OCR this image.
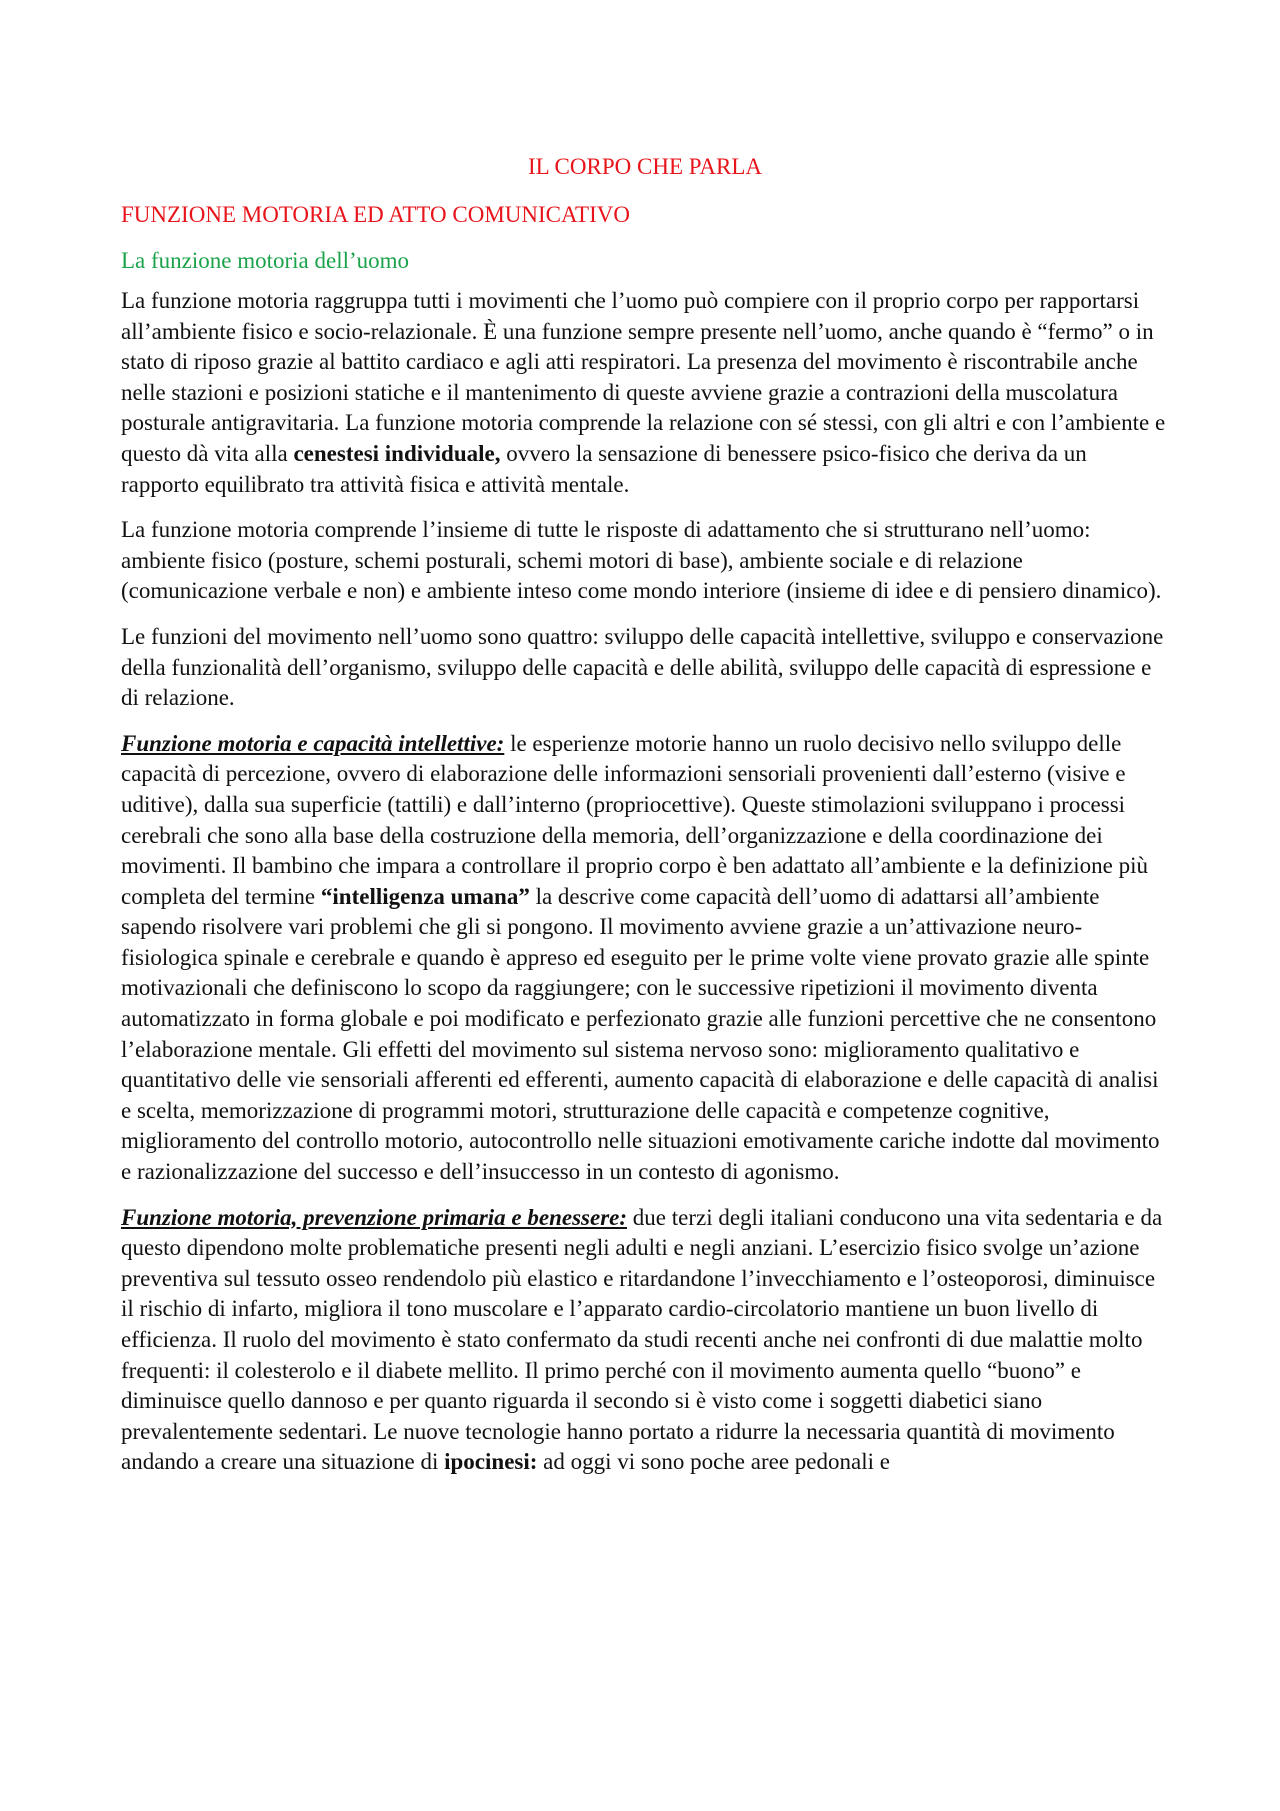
IL CORPO CHE PARLA
FUNZIONE MOTORIA ED ATTO COMUNICATIVO
La funzione motoria dell’uomo

La funzione motoria raggruppa tutti i movimenti che l’uomo può compiere con il proprio corpo per rapportarsi all’ambiente fisico e socio-relazionale. È una funzione sempre presente nell’uomo, anche quando è “fermo” o in stato di riposo grazie al battito cardiaco e agli atti respiratori. La presenza del movimento è riscontrabile anche nelle stazioni e posizioni statiche e il mantenimento di queste avviene grazie a contrazioni della muscolatura posturale antigravitaria. La funzione motoria comprende la relazione con sé stessi, con gli altri e con l’ambiente e questo dà vita alla cenestesi individuale, ovvero la sensazione di benessere psico-fisico che deriva da un rapporto equilibrato tra attività fisica e attività mentale.

La funzione motoria comprende l’insieme di tutte le risposte di adattamento che si strutturano nell’uomo: ambiente fisico (posture, schemi posturali, schemi motori di base), ambiente sociale e di relazione (comunicazione verbale e non) e ambiente inteso come mondo interiore (insieme di idee e di pensiero dinamico).

Le funzioni del movimento nell’uomo sono quattro: sviluppo delle capacità intellettive, sviluppo e conservazione della funzionalità dell’organismo, sviluppo delle capacità e delle abilità, sviluppo delle capacità di espressione e di relazione.

Funzione motoria e capacità intellettive: le esperienze motorie hanno un ruolo decisivo nello sviluppo delle capacità di percezione, ovvero di elaborazione delle informazioni sensoriali provenienti dall’esterno (visive e uditive), dalla sua superficie (tattili) e dall’interno (propriocettive). Queste stimolazioni sviluppano i processi cerebrali che sono alla base della costruzione della memoria, dell’organizzazione e della coordinazione dei movimenti. Il bambino che impara a controllare il proprio corpo è ben adattato all’ambiente e la definizione più completa del termine “intelligenza umana” la descrive come capacità dell’uomo di adattarsi all’ambiente sapendo risolvere vari problemi che gli si pongono. Il movimento avviene grazie a un’attivazione neuro-fisiologica spinale e cerebrale e quando è appreso ed eseguito per le prime volte viene provato grazie alle spinte motivazionali che definiscono lo scopo da raggiungere; con le successive ripetizioni il movimento diventa automatizzato in forma globale e poi modificato e perfezionato grazie alle funzioni percettive che ne consentono l’elaborazione mentale. Gli effetti del movimento sul sistema nervoso sono: miglioramento qualitativo e quantitativo delle vie sensoriali afferenti ed efferenti, aumento capacità di elaborazione e delle capacità di analisi e scelta, memorizzazione di programmi motori, strutturazione delle capacità e competenze cognitive, miglioramento del controllo motorio, autocontrollo nelle situazioni emotivamente cariche indotte dal movimento e razionalizzazione del successo e dell’insuccesso in un contesto di agonismo.

Funzione motoria, prevenzione primaria e benessere: due terzi degli italiani conducono una vita sedentaria e da questo dipendono molte problematiche presenti negli adulti e negli anziani. L’esercizio fisico svolge un’azione preventiva sul tessuto osseo rendendolo più elastico e ritardandone l’invecchiamento e l’osteoporosi, diminuisce il rischio di infarto, migliora il tono muscolare e l’apparato cardio-circolatorio mantiene un buon livello di efficienza. Il ruolo del movimento è stato confermato da studi recenti anche nei confronti di due malattie molto frequenti: il colesterolo e il diabete mellito. Il primo perché con il movimento aumenta quello “buono” e diminuisce quello dannoso e per quanto riguarda il secondo si è visto come i soggetti diabetici siano prevalentemente sedentari. Le nuove tecnologie hanno portato a ridurre la necessaria quantità di movimento andando a creare una situazione di ipocinesi: ad oggi vi sono poche aree pedonali e
